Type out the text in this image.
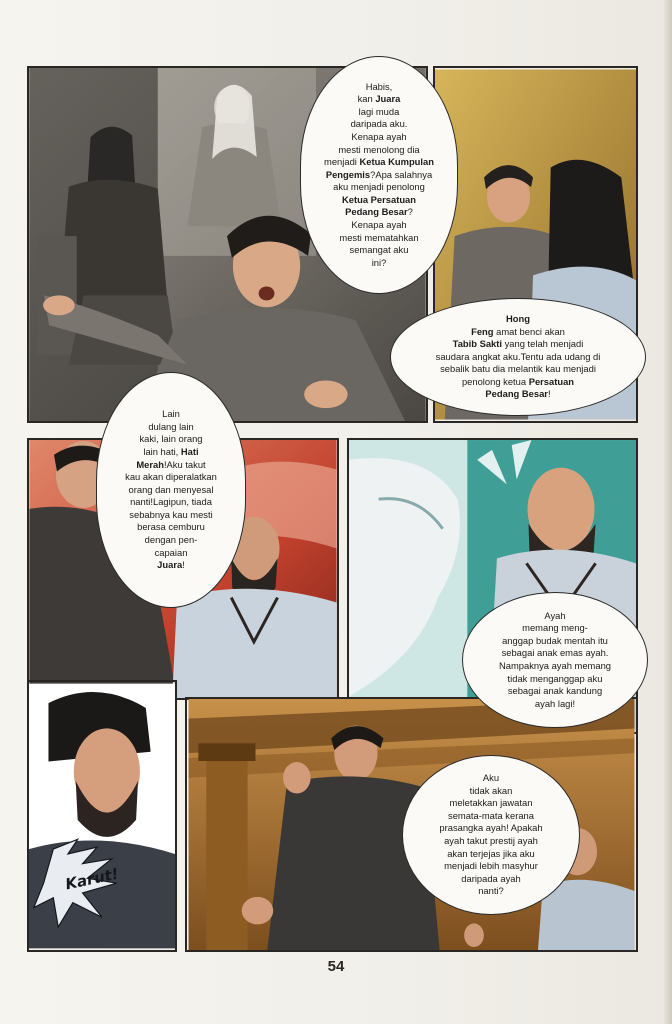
Karut!
Habis,
kan Juara
lagi muda
daripada aku.
Kenapa ayah
mesti menolong dia
menjadi Ketua Kumpulan
Pengemis?Apa salahnya
aku menjadi penolong
Ketua Persatuan
Pedang Besar?
Kenapa ayah
mesti mematahkan
semangat aku
ini?
Hong
Feng amat benci akan
Tabib Sakti yang telah menjadi
saudara angkat aku.Tentu ada udang di
sebalik batu dia melantik kau menjadi
penolong ketua Persatuan
Pedang Besar!
Lain
dulang lain
kaki, lain orang
lain hati, Hati
Merah!Aku takut
kau akan diperalatkan
orang dan menyesal
nanti!Lagipun, tiada
sebabnya kau mesti
berasa cemburu
dengan pen-
capaian
Juara!
Ayah
memang meng-
anggap budak mentah itu
sebagai anak emas ayah.
Nampaknya ayah memang
tidak menganggap aku
sebagai anak kandung
ayah lagi!
Aku
tidak akan
meletakkan jawatan
semata-mata kerana
prasangka ayah! Apakah
ayah takut prestij ayah
akan terjejas jika aku
menjadi lebih masyhur
daripada ayah
nanti?
54
